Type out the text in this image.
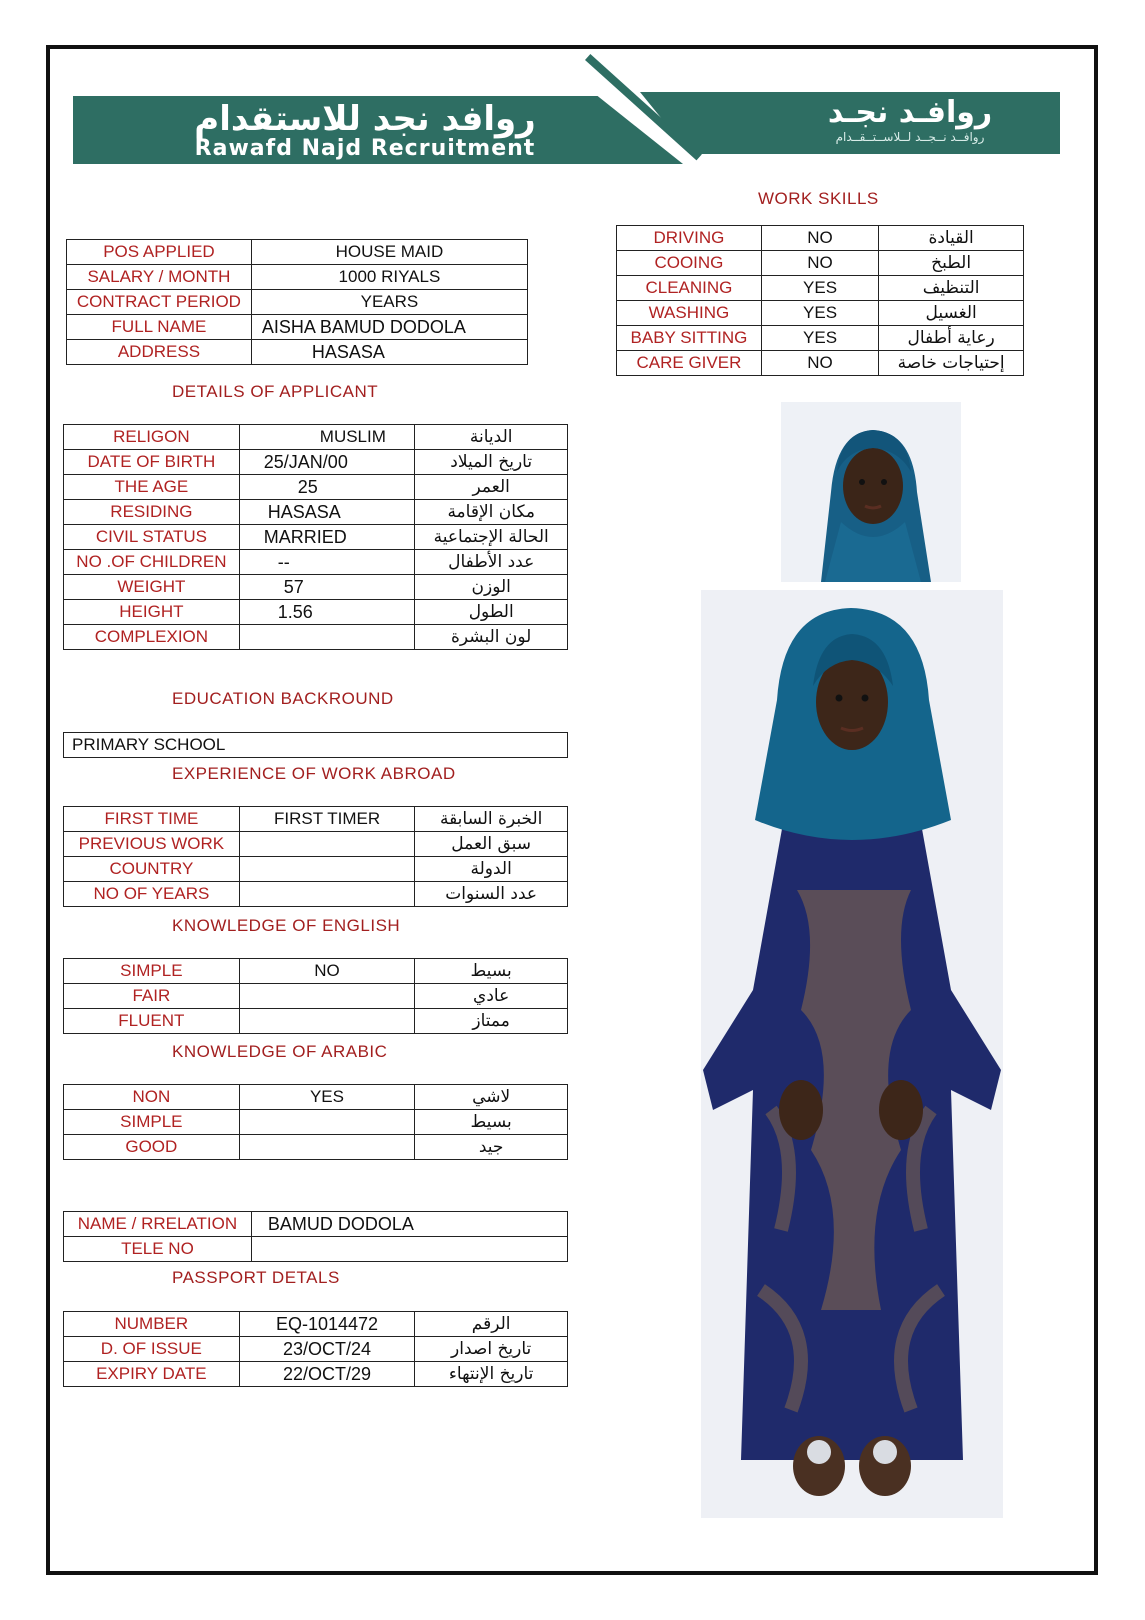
روافد نجد للاستقدام
Rawafd Najd Recruitment
روافـد نجـد
روافــد نــجــد لــلاســتــقــدام
POS APPLIED	HOUSE MAID
SALARY / MONTH	1000 RIYALS
CONTRACT PERIOD	YEARS
FULL NAME	AISHA BAMUD DODOLA
ADDRESS	HASASA
WORK SKILLS
DRIVING	NO	القيادة
COOING	NO	الطبخ
CLEANING	YES	التنظيف
WASHING	YES	الغسيل
BABY SITTING	YES	رعاية أطفال
CARE GIVER	NO	إحتياجات خاصة
DETAILS OF APPLICANT
RELIGON	MUSLIM	الديانة
DATE OF BIRTH	25/JAN/00	تاريخ الميلاد
THE AGE	25	العمر
RESIDING	HASASA	مكان الإقامة
CIVIL STATUS	MARRIED	الحالة الإجتماعية
NO .OF CHILDREN	--	عدد الأطفال
WEIGHT	57	الوزن
HEIGHT	1.56	الطول
COMPLEXION		لون البشرة
EDUCATION BACKROUND
PRIMARY SCHOOL
EXPERIENCE OF WORK ABROAD
FIRST TIME	FIRST TIMER	الخبرة السابقة
PREVIOUS WORK		سبق العمل
COUNTRY		الدولة
NO OF YEARS		عدد السنوات
KNOWLEDGE OF ENGLISH
SIMPLE	NO	بسيط
FAIR		عادي
FLUENT		ممتاز
KNOWLEDGE OF ARABIC
NON	YES	لاشي
SIMPLE		بسيط
GOOD		جيد
NAME / RRELATION	BAMUD DODOLA
TELE NO	
PASSPORT DETALS
NUMBER	EQ-1014472	الرقم
D. OF ISSUE	23/OCT/24	تاريخ اصدار
EXPIRY DATE	22/OCT/29	تاريخ الإنتهاء
